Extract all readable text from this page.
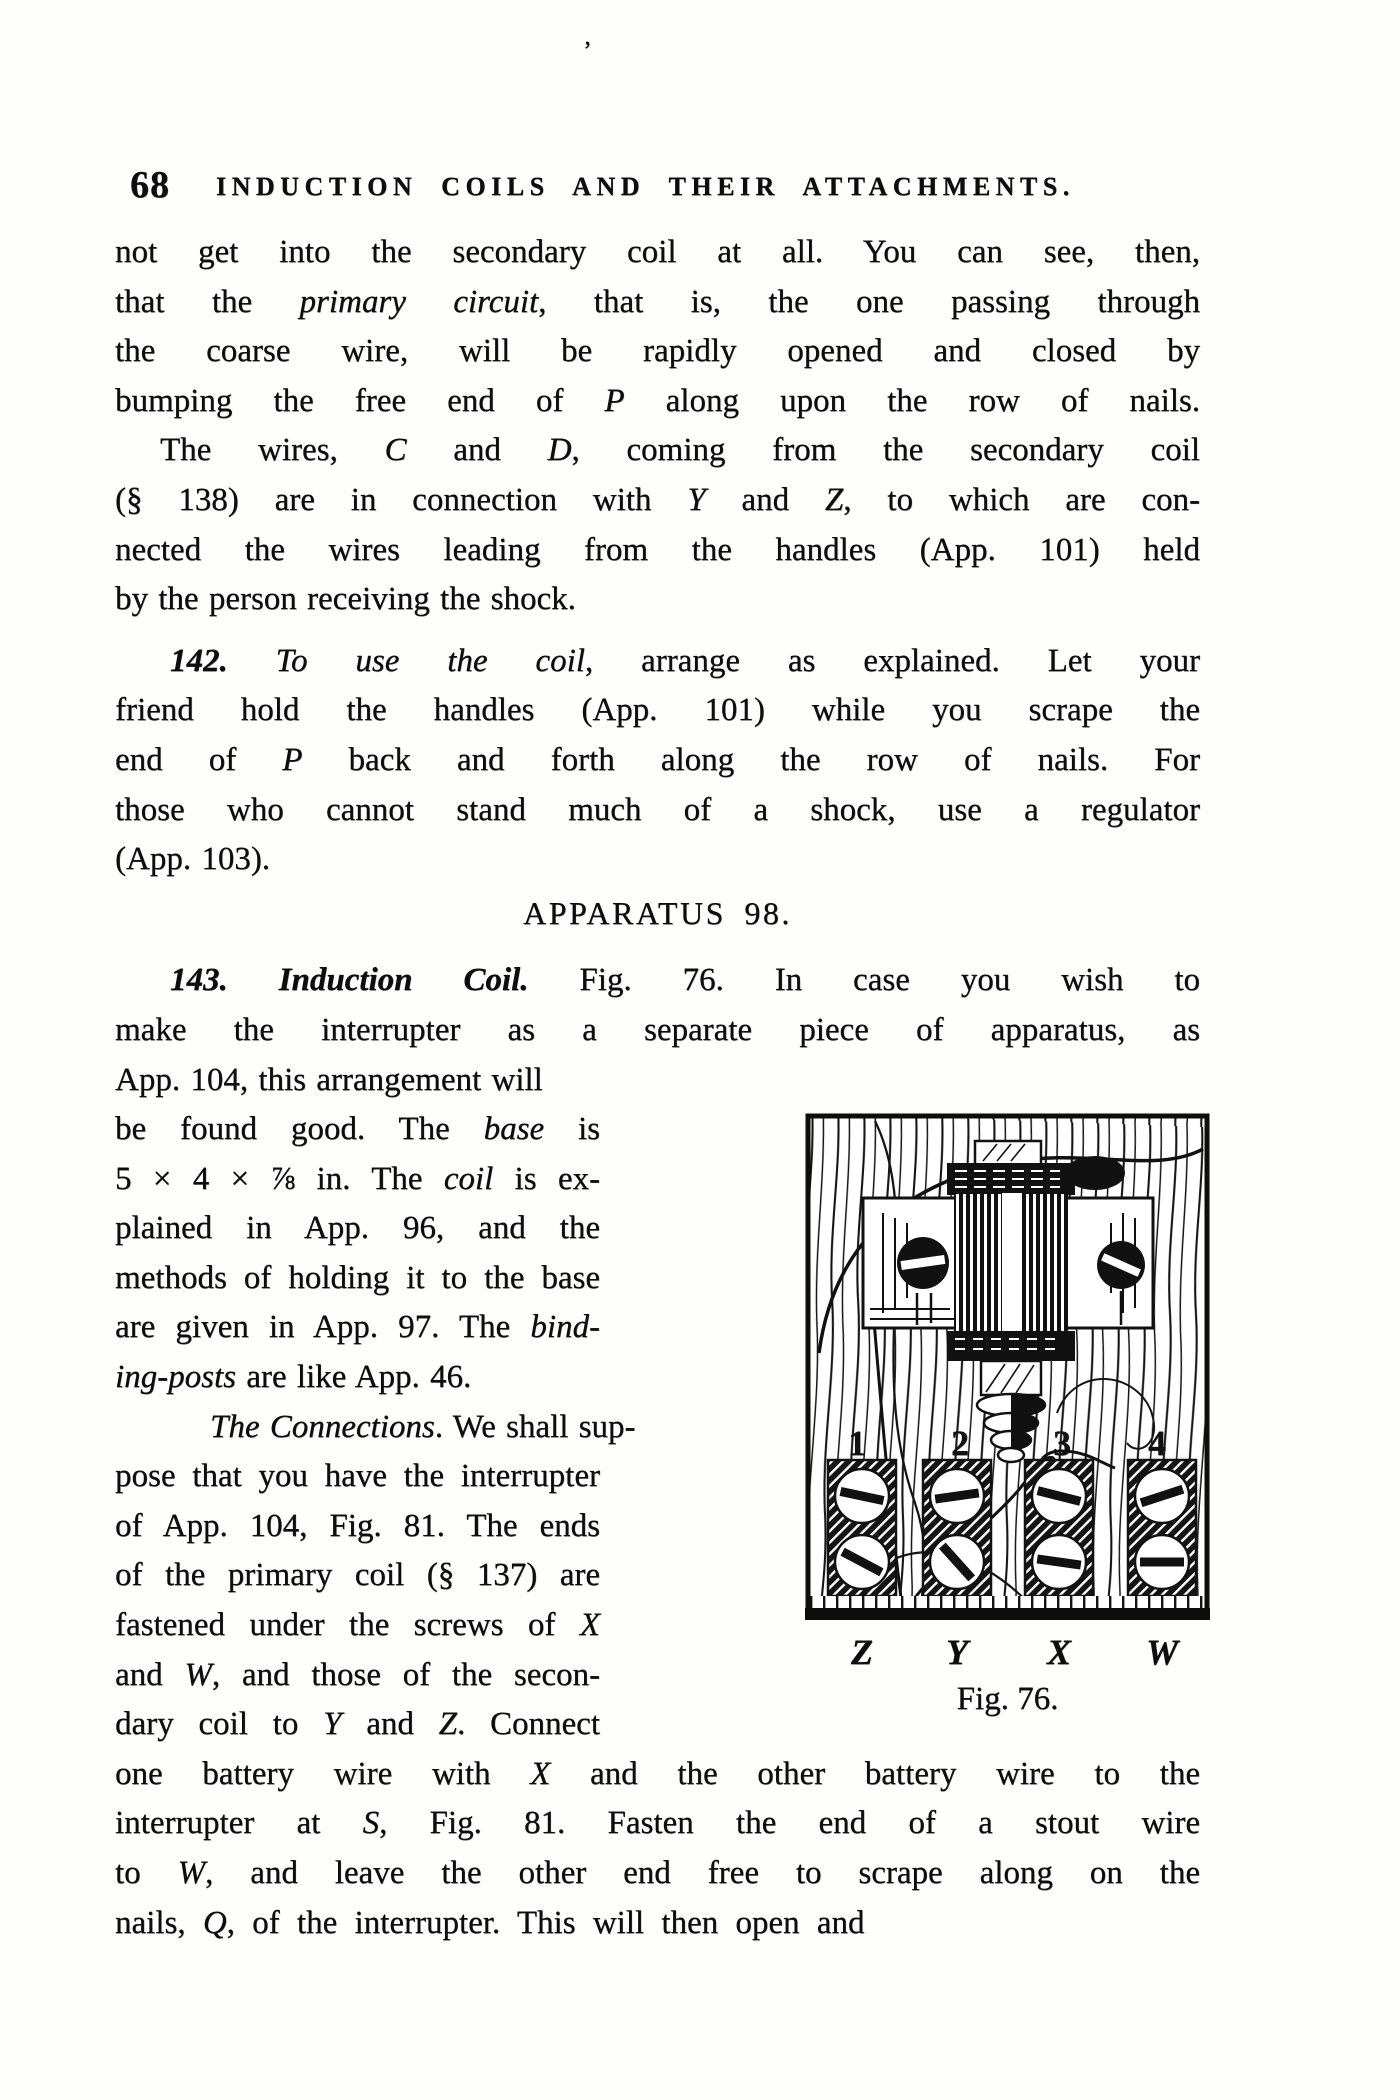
68 INDUCTION COILS AND THEIR ATTACHMENTS.
’
not get into the secondary coil at all. You can see, then,
that the primary circuit, that is, the one passing through
the coarse wire, will be rapidly opened and closed by
bumping the free end of P along upon the row of nails.
The wires, C and D, coming from the secondary coil
(§ 138) are in connection with Y and Z, to which are con-
nected the wires leading from the handles (App. 101) held
by the person receiving the shock.
142. To use the coil, arrange as explained. Let your
friend hold the handles (App. 101) while you scrape the
end of P back and forth along the row of nails. For
those who cannot stand much of a shock, use a regulator
(App. 103).
APPARATUS 98.
143. Induction Coil. Fig. 76. In case you wish to
make the interrupter as a separate piece of apparatus, as
App. 104, this arrangement will
be found good. The base is
5 × 4 × ⅞ in. The coil is ex-
plained in App. 96, and the
methods of holding it to the base
are given in App. 97. The bind-
ing-posts are like App. 46.
The Connections. We shall sup-
pose that you have the interrupter
of App. 104, Fig. 81. The ends
of the primary coil (§ 137) are
fastened under the screws of X
and W, and those of the secon-
dary coil to Y and Z. Connect
one battery wire with X and the other battery wire to the
interrupter at S, Fig. 81. Fasten the end of a stout wire
to W, and leave the other end free to scrape along on the
nails, Q, of the interrupter. This will then open and
1 2 3 4
Z Y X W
Fig. 76.
